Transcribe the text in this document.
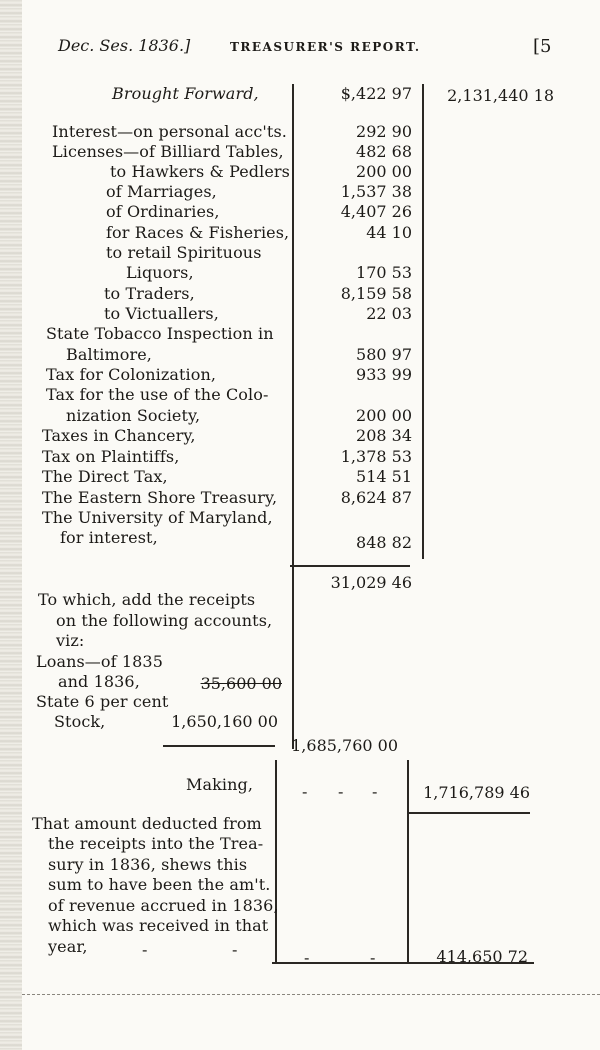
Dec. Ses. 1836.]	TREASURER'S REPORT.	[5
Brought Forward,	$,422 97 2,131,440 18
Interest—on personal acc'ts.	292 90
Licenses—of Billiard Tables,	482 68
to Hawkers & Pedlers	200 00
of Marriages,	1,537 38
of Ordinaries,	4,407 26
for Races & Fisheries,	44 10
to retail Spirituous
Liquors,	170 53
to Traders,	8,159 58
to Victuallers,	22 03
State Tobacco Inspection in
Baltimore,	580 97
Tax for Colonization,	933 99
Tax for the use of the Colo-
nization Society,	200 00
Taxes in Chancery,	208 34
Tax on Plaintiffs,	1,378 53
The Direct Tax,	514 51
The Eastern Shore Treasury,	8,624 87
The University of Maryland,
for interest,	848 82
31,029 46
To which, add the receipts
on the following accounts,
viz:
Loans—of 1835
and 1836,	35,600 00
State 6 per cent
Stock,	1,650,160 00
1,685,760 00
Making,	- - -	1,716,789 46
That amount deducted from
the receipts into the Trea-
sury in 1836, shews this
sum to have been the am't.
of revenue accrued in 1836,
which was received in that
year,	-	-	-	-	414,650 72
